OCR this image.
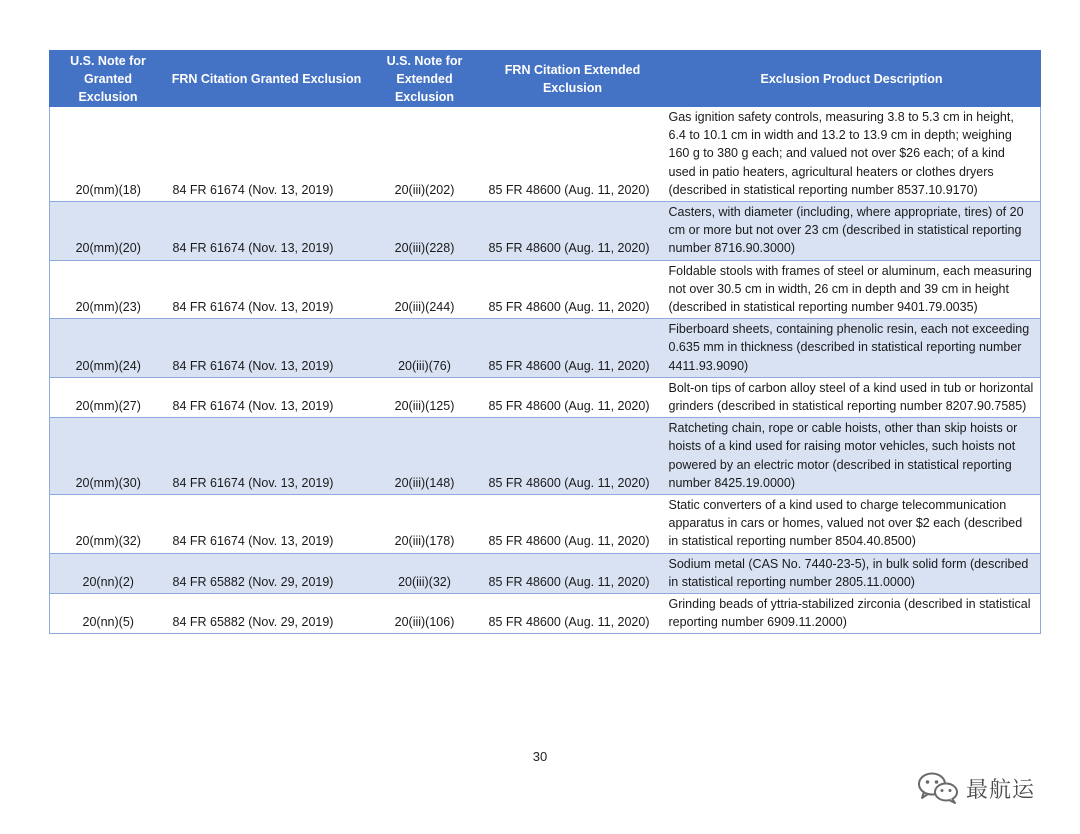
U.S. Note for Granted Exclusion	FRN Citation Granted Exclusion	U.S. Note for Extended Exclusion	FRN Citation Extended Exclusion	Exclusion Product Description
20(mm)(18)	84 FR 61674 (Nov. 13, 2019)	20(iii)(202)	85 FR 48600 (Aug. 11, 2020)	Gas ignition safety controls, measuring 3.8 to 5.3 cm in height, 6.4 to 10.1 cm in width and 13.2 to 13.9 cm in depth; weighing 160 g to 380 g each; and valued not over $26 each; of a kind used in patio heaters, agricultural heaters or clothes dryers (described in statistical reporting number 8537.10.9170)
20(mm)(20)	84 FR 61674 (Nov. 13, 2019)	20(iii)(228)	85 FR 48600 (Aug. 11, 2020)	Casters, with diameter (including, where appropriate, tires) of 20 cm or more but not over 23 cm (described in statistical reporting number 8716.90.3000)
20(mm)(23)	84 FR 61674 (Nov. 13, 2019)	20(iii)(244)	85 FR 48600 (Aug. 11, 2020)	Foldable stools with frames of steel or aluminum, each measuring not over 30.5 cm in width, 26 cm in depth and 39 cm in height (described in statistical reporting number 9401.79.0035)
20(mm)(24)	84 FR 61674 (Nov. 13, 2019)	20(iii)(76)	85 FR 48600 (Aug. 11, 2020)	Fiberboard sheets, containing phenolic resin, each not exceeding 0.635 mm in thickness (described in statistical reporting number 4411.93.9090)
20(mm)(27)	84 FR 61674 (Nov. 13, 2019)	20(iii)(125)	85 FR 48600 (Aug. 11, 2020)	Bolt-on tips of carbon alloy steel of a kind used in tub or horizontal grinders (described in statistical reporting number 8207.90.7585)
20(mm)(30)	84 FR 61674 (Nov. 13, 2019)	20(iii)(148)	85 FR 48600 (Aug. 11, 2020)	Ratcheting chain, rope or cable hoists, other than skip hoists or hoists of a kind used for raising motor vehicles, such hoists not powered by an electric motor (described in statistical reporting number 8425.19.0000)
20(mm)(32)	84 FR 61674 (Nov. 13, 2019)	20(iii)(178)	85 FR 48600 (Aug. 11, 2020)	Static converters of a kind used to charge telecommunication apparatus in cars or homes, valued not over $2 each (described in statistical reporting number 8504.40.8500)
20(nn)(2)	84 FR 65882 (Nov. 29, 2019)	20(iii)(32)	85 FR 48600 (Aug. 11, 2020)	Sodium metal (CAS No. 7440-23-5), in bulk solid form (described in statistical reporting number 2805.11.0000)
20(nn)(5)	84 FR 65882 (Nov. 29, 2019)	20(iii)(106)	85 FR 48600 (Aug. 11, 2020)	Grinding beads of yttria-stabilized zirconia (described in statistical reporting number 6909.11.2000)
30
最航运
